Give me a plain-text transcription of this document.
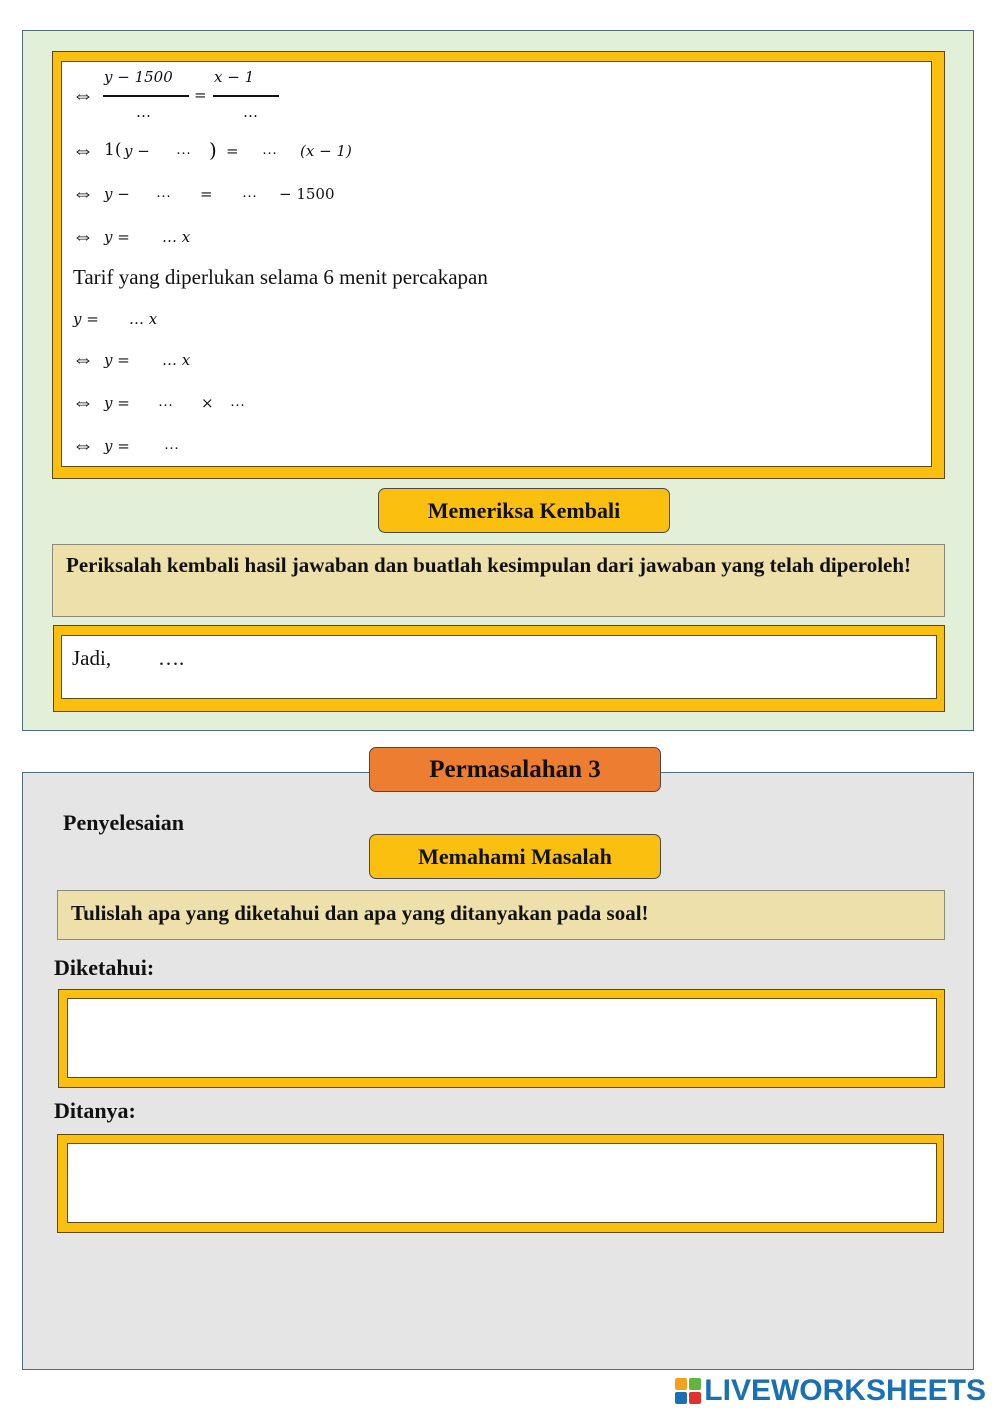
⇔
y − 1500
…
=
x − 1
…
⇔ 1( y − … ) = … (x − 1)
⇔ y − … = … − 1500
⇔ y = … x
Tarif yang diperlukan selama 6 menit percakapan
y = … x
⇔ y = … x
⇔ y = … × …
⇔ y = …
Memeriksa Kembali
Periksalah kembali hasil jawaban dan buatlah kesimpulan dari jawaban yang telah diperoleh!
Jadi, ….
Permasalahan 3
Penyelesaian
Memahami Masalah
Tulislah apa yang diketahui dan apa yang ditanyakan pada soal!
Diketahui:
Ditanya:
LIVEWORKSHEETS
